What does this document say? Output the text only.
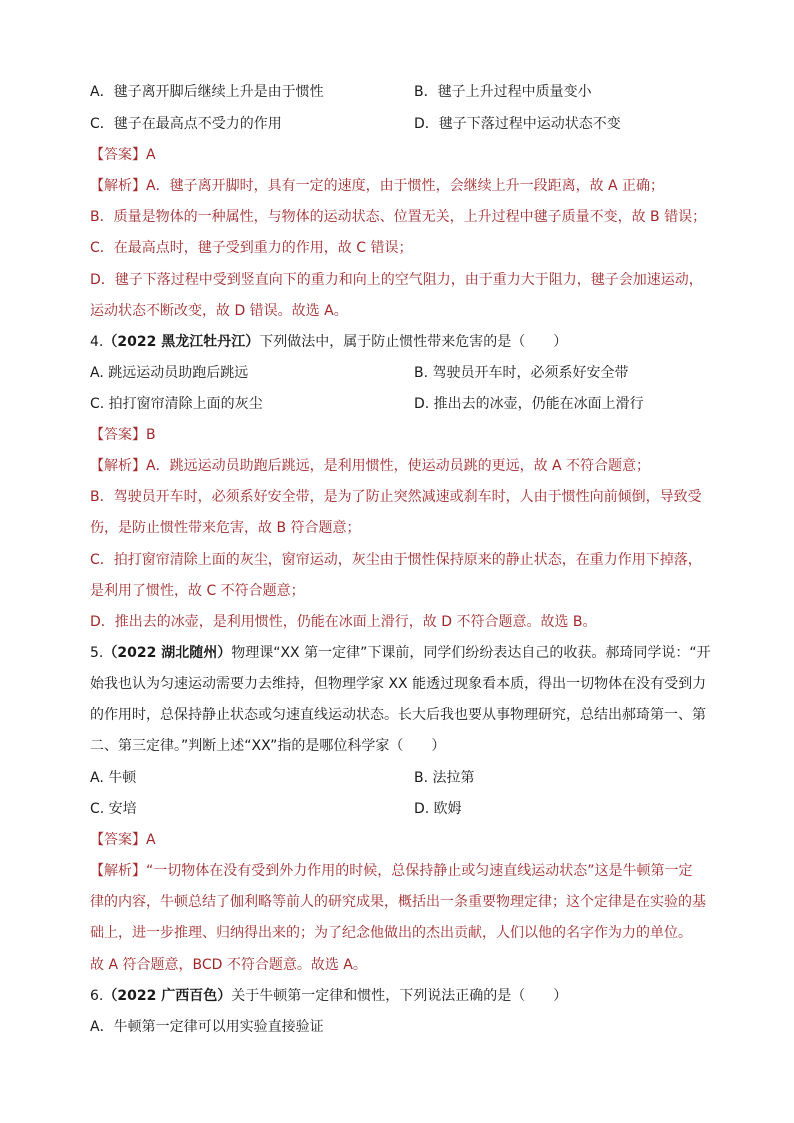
A．毽子离开脚后继续上升是由于惯性	B．毽子上升过程中质量变小
C．毽子在最高点不受力的作用	D．毽子下落过程中运动状态不变
【答案】A
【解析】A．毽子离开脚时，具有一定的速度，由于惯性，会继续上升一段距离，故 A 正确；
B．质量是物体的一种属性，与物体的运动状态、位置无关，上升过程中毽子质量不变，故 B 错误；
C．在最高点时，毽子受到重力的作用，故 C 错误；
D．毽子下落过程中受到竖直向下的重力和向上的空气阻力，由于重力大于阻力，毽子会加速运动，
运动状态不断改变，故 D 错误。故选 A。
4.（2022 黑龙江牡丹江）下列做法中，属于防止惯性带来危害的是（　　）
A. 跳远运动员助跑后跳远	B. 驾驶员开车时，必须系好安全带
C. 拍打窗帘清除上面的灰尘	D. 推出去的冰壶，仍能在冰面上滑行
【答案】B
【解析】A．跳远运动员助跑后跳远，是利用惯性，使运动员跳的更远，故 A 不符合题意；
B．驾驶员开车时，必须系好安全带，是为了防止突然减速或刹车时，人由于惯性向前倾倒，导致受
伤，是防止惯性带来危害，故 B 符合题意；
C．拍打窗帘清除上面的灰尘，窗帘运动，灰尘由于惯性保持原来的静止状态，在重力作用下掉落，
是利用了惯性，故 C 不符合题意；
D．推出去的冰壶，是利用惯性，仍能在冰面上滑行，故 D 不符合题意。故选 B。
5.（2022 湖北随州）物理课“XX 第一定律”下课前，同学们纷纷表达自己的收获。郝琦同学说：“开
始我也认为匀速运动需要力去维持，但物理学家 XX 能透过现象看本质，得出一切物体在没有受到力
的作用时，总保持静止状态或匀速直线运动状态。长大后我也要从事物理研究，总结出郝琦第一、第
二、第三定律。”判断上述“XX”指的是哪位科学家（　　）
A. 牛顿	B. 法拉第
C. 安培	D. 欧姆
【答案】A
【解析】“一切物体在没有受到外力作用的时候，总保持静止或匀速直线运动状态”这是牛顿第一定
律的内容，牛顿总结了伽利略等前人的研究成果，概括出一条重要物理定律；这个定律是在实验的基
础上，进一步推理、归纳得出来的；为了纪念他做出的杰出贡献，人们以他的名字作为力的单位。
故 A 符合题意，BCD 不符合题意。故选 A。
6.（2022 广西百色）关于牛顿第一定律和惯性，下列说法正确的是（　　）
A．牛顿第一定律可以用实验直接验证
